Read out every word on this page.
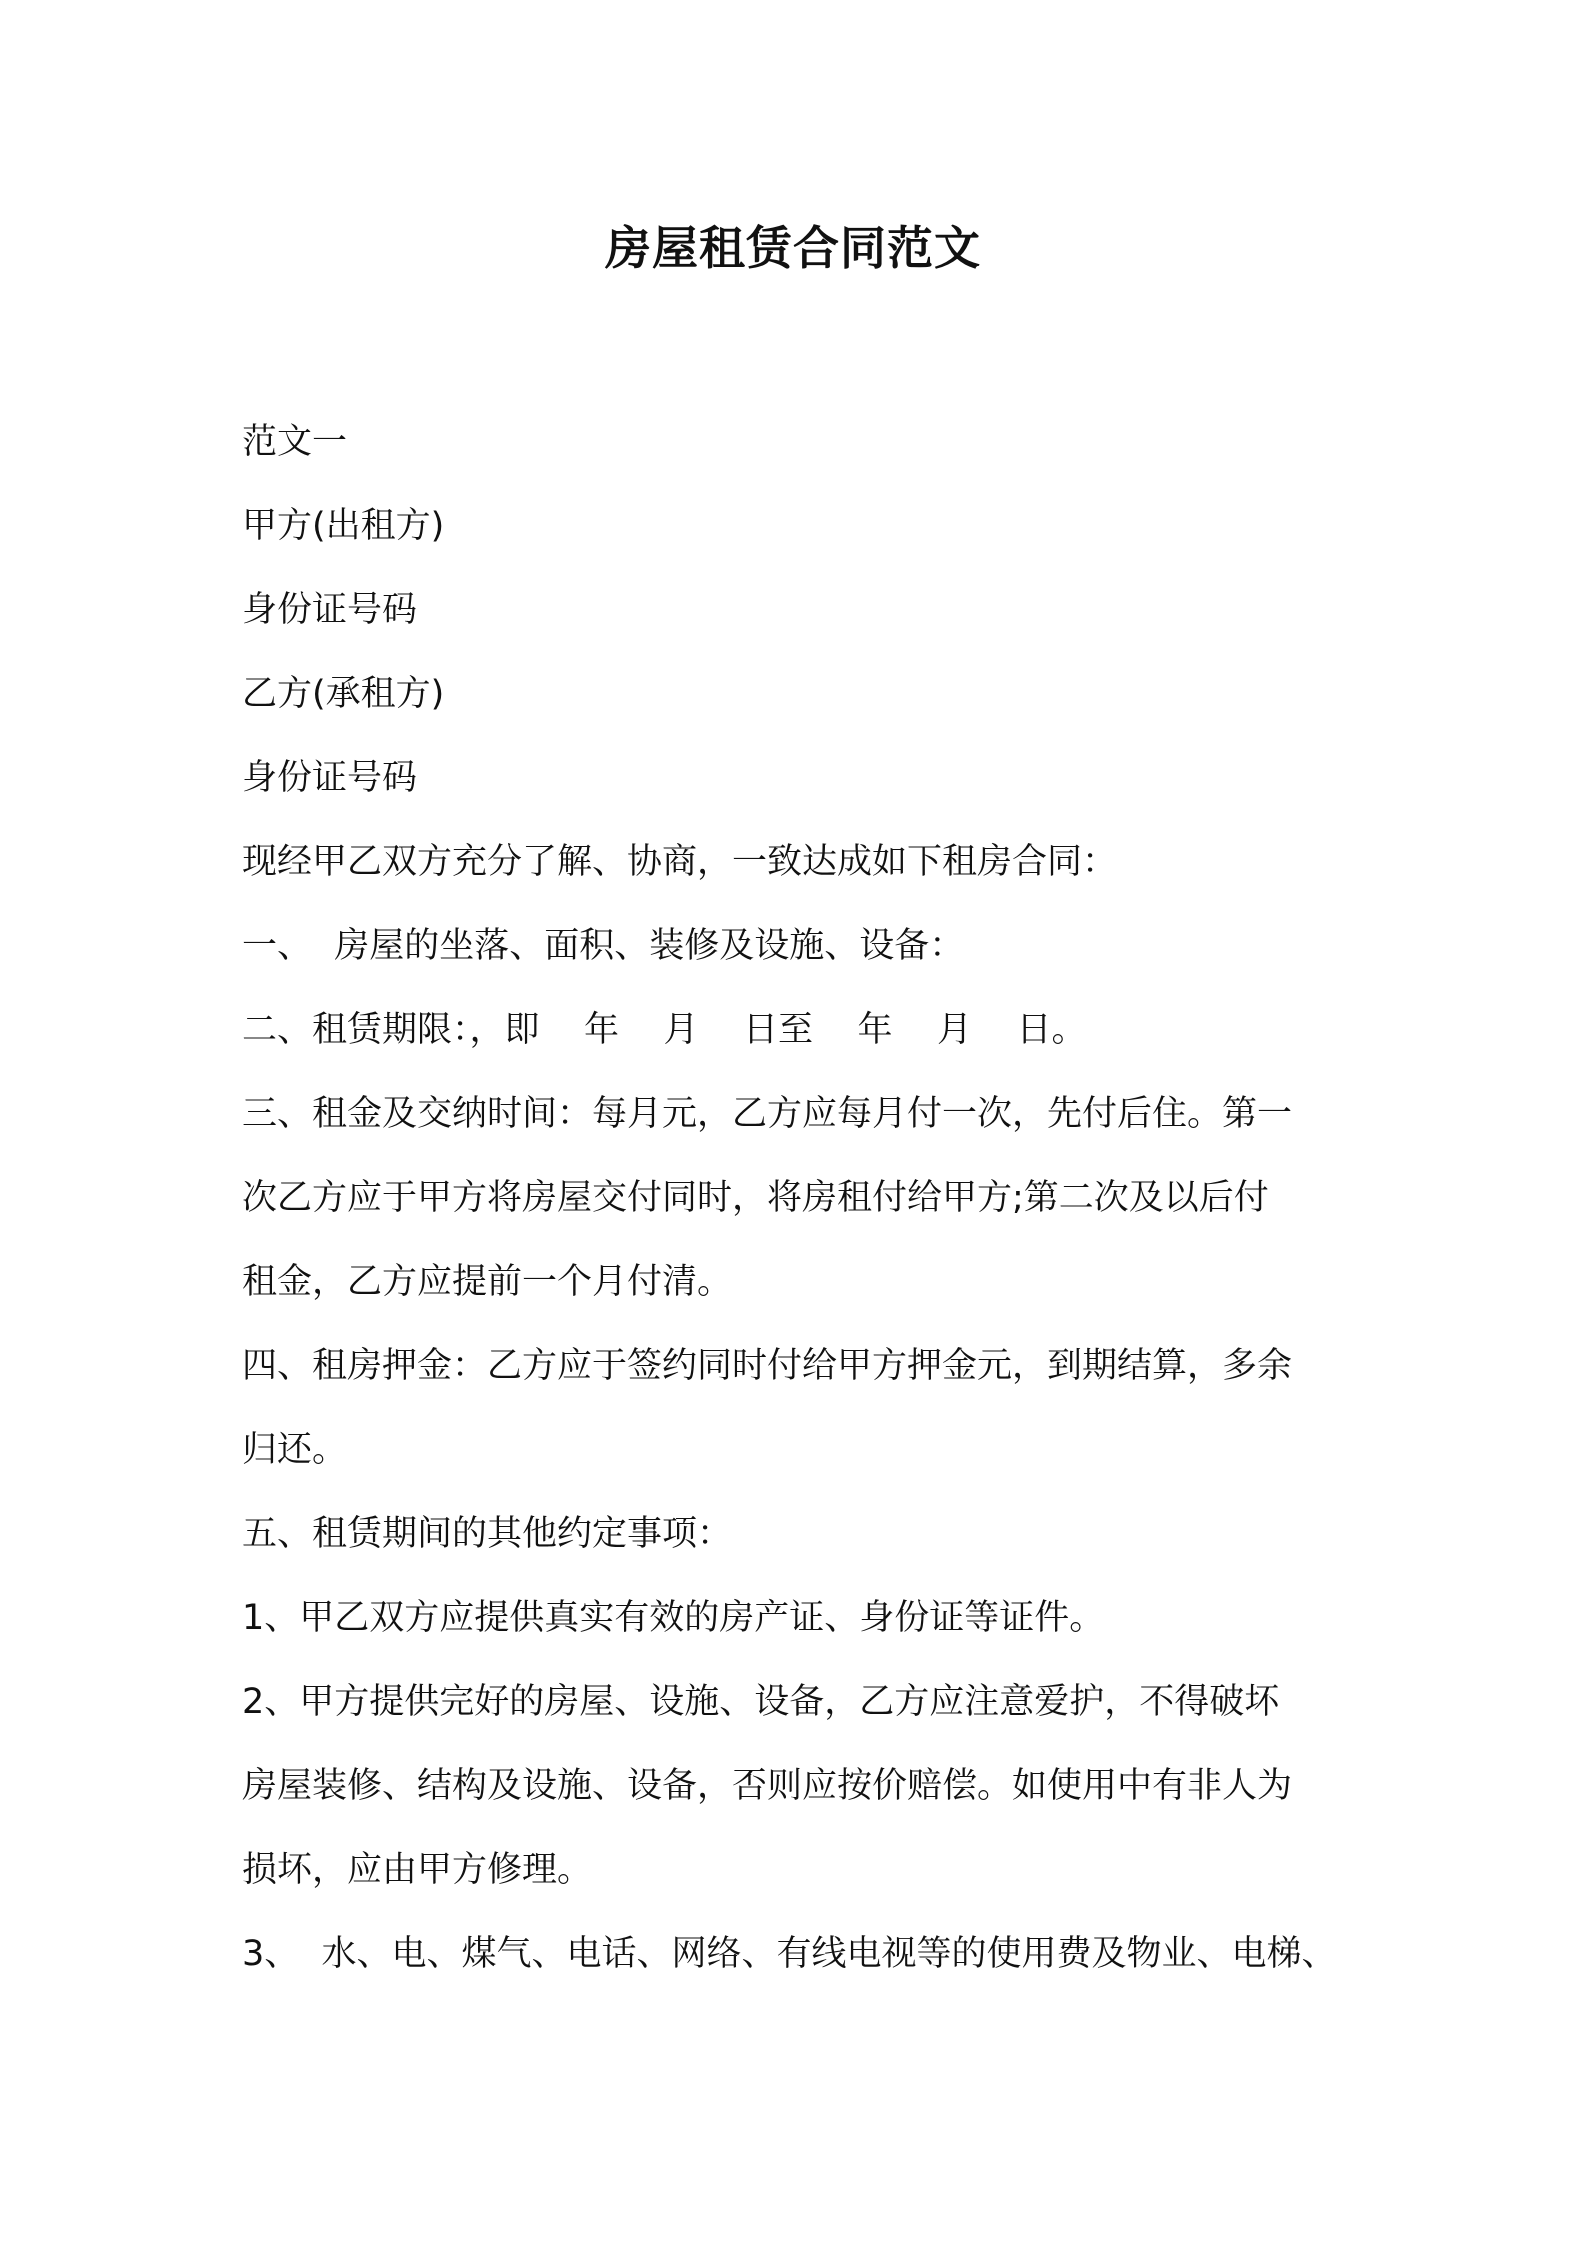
房屋租赁合同范文

范文一

甲方(出租方)

身份证号码

乙方(承租方)

身份证号码

现经甲乙双方充分了解、协商，一致达成如下租房合同：

一、  房屋的坐落、面积、装修及设施、设备：

二、租赁期限：，即    年    月    日至    年    月    日。

三、租金及交纳时间：每月元，乙方应每月付一次，先付后住。第一

次乙方应于甲方将房屋交付同时，将房租付给甲方;第二次及以后付

租金，乙方应提前一个月付清。

四、租房押金：乙方应于签约同时付给甲方押金元，到期结算，多余

归还。

五、租赁期间的其他约定事项：

1、甲乙双方应提供真实有效的房产证、身份证等证件。

2、甲方提供完好的房屋、设施、设备，乙方应注意爱护，不得破坏

房屋装修、结构及设施、设备，否则应按价赔偿。如使用中有非人为

损坏，应由甲方修理。

3、  水、电、煤气、电话、网络、有线电视等的使用费及物业、电梯、
